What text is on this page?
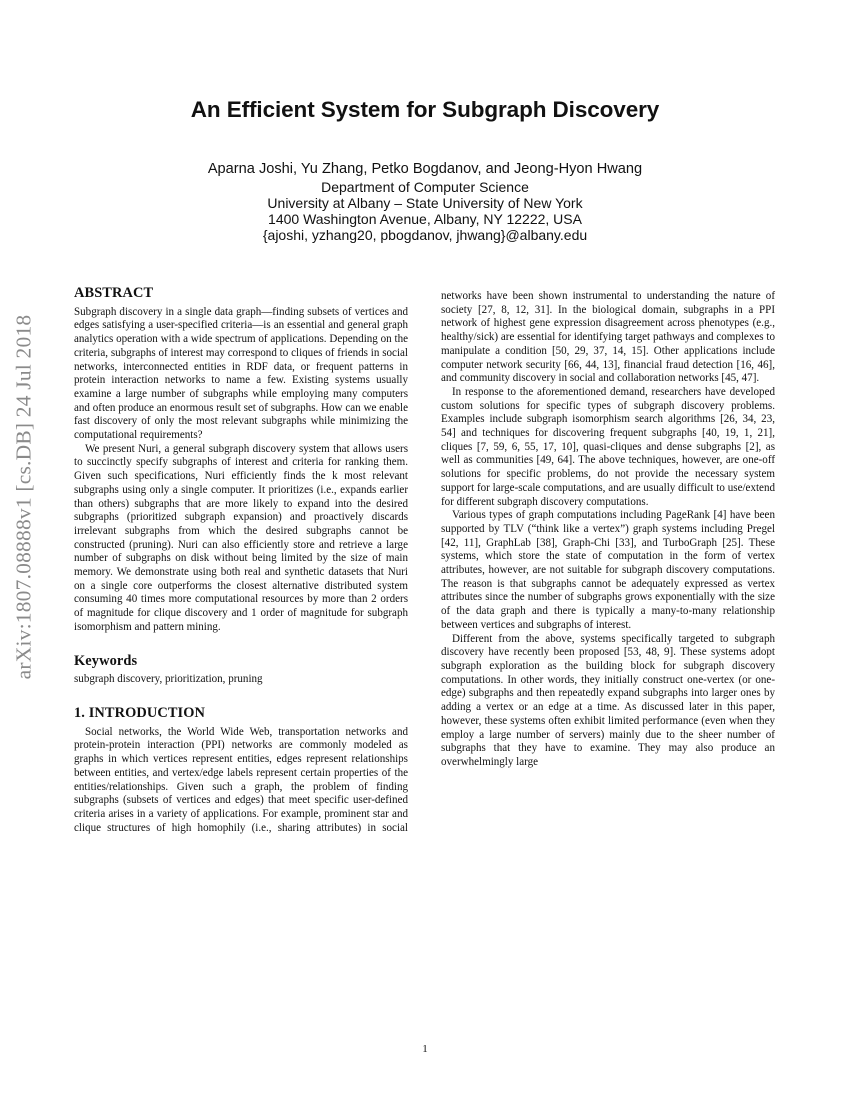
An Efficient System for Subgraph Discovery
Aparna Joshi, Yu Zhang, Petko Bogdanov, and Jeong-Hyon Hwang
Department of Computer Science
University at Albany – State University of New York
1400 Washington Avenue, Albany, NY 12222, USA
{ajoshi, yzhang20, pbogdanov, jhwang}@albany.edu
arXiv:1807.08888v1 [cs.DB] 24 Jul 2018
ABSTRACT

Subgraph discovery in a single data graph—finding subsets of vertices and edges satisfying a user-specified criteria—is an essential and general graph analytics operation with a wide spectrum of applications. Depending on the criteria, subgraphs of interest may correspond to cliques of friends in social networks, interconnected entities in RDF data, or frequent patterns in protein interaction networks to name a few. Existing systems usually examine a large number of subgraphs while employing many computers and often produce an enormous result set of subgraphs. How can we enable fast discovery of only the most relevant subgraphs while minimizing the computational requirements?

We present Nuri, a general subgraph discovery system that allows users to succinctly specify subgraphs of interest and criteria for ranking them. Given such specifications, Nuri efficiently finds the k most relevant subgraphs using only a single computer. It prioritizes (i.e., expands earlier than others) subgraphs that are more likely to expand into the desired subgraphs (prioritized subgraph expansion) and proactively discards irrelevant subgraphs from which the desired subgraphs cannot be constructed (pruning). Nuri can also efficiently store and retrieve a large number of subgraphs on disk without being limited by the size of main memory. We demonstrate using both real and synthetic datasets that Nuri on a single core outperforms the closest alternative distributed system consuming 40 times more computational resources by more than 2 orders of magnitude for clique discovery and 1 order of magnitude for subgraph isomorphism and pattern mining.

Keywords

subgraph discovery, prioritization, pruning

1. INTRODUCTION

Social networks, the World Wide Web, transportation networks and protein-protein interaction (PPI) networks are commonly modeled as graphs in which vertices represent entities, edges represent relationships between entities, and vertex/edge labels represent certain properties of the entities/relationships. Given such a graph, the problem of finding subgraphs (subsets of vertices and edges) that meet specific user-defined criteria arises in a variety of applications. For example, prominent star and clique structures of high homophily (i.e., sharing attributes) in social

networks have been shown instrumental to understanding the nature of society [27, 8, 12, 31]. In the biological domain, subgraphs in a PPI network of highest gene expression disagreement across phenotypes (e.g., healthy/sick) are essential for identifying target pathways and complexes to manipulate a condition [50, 29, 37, 14, 15]. Other applications include computer network security [66, 44, 13], financial fraud detection [16, 46], and community discovery in social and collaboration networks [45, 47].

In response to the aforementioned demand, researchers have developed custom solutions for specific types of subgraph discovery problems. Examples include subgraph isomorphism search algorithms [26, 34, 23, 54] and techniques for discovering frequent subgraphs [40, 19, 1, 21], cliques [7, 59, 6, 55, 17, 10], quasi-cliques and dense subgraphs [2], as well as communities [49, 64]. The above techniques, however, are one-off solutions for specific problems, do not provide the necessary system support for large-scale computations, and are usually difficult to use/extend for different subgraph discovery computations.

Various types of graph computations including PageRank [4] have been supported by TLV (“think like a vertex”) graph systems including Pregel [42, 11], GraphLab [38], Graph-Chi [33], and TurboGraph [25]. These systems, which store the state of computation in the form of vertex attributes, however, are not suitable for subgraph discovery computations. The reason is that subgraphs cannot be adequately expressed as vertex attributes since the number of subgraphs grows exponentially with the size of the data graph and there is typically a many-to-many relationship between vertices and subgraphs of interest.

Different from the above, systems specifically targeted to subgraph discovery have recently been proposed [53, 48, 9]. These systems adopt subgraph exploration as the building block for subgraph discovery computations. In other words, they initially construct one-vertex (or one-edge) subgraphs and then repeatedly expand subgraphs into larger ones by adding a vertex or an edge at a time. As discussed later in this paper, however, these systems often exhibit limited performance (even when they employ a large number of servers) mainly due to the sheer number of subgraphs that they have to examine. They may also produce an overwhelmingly large

1
